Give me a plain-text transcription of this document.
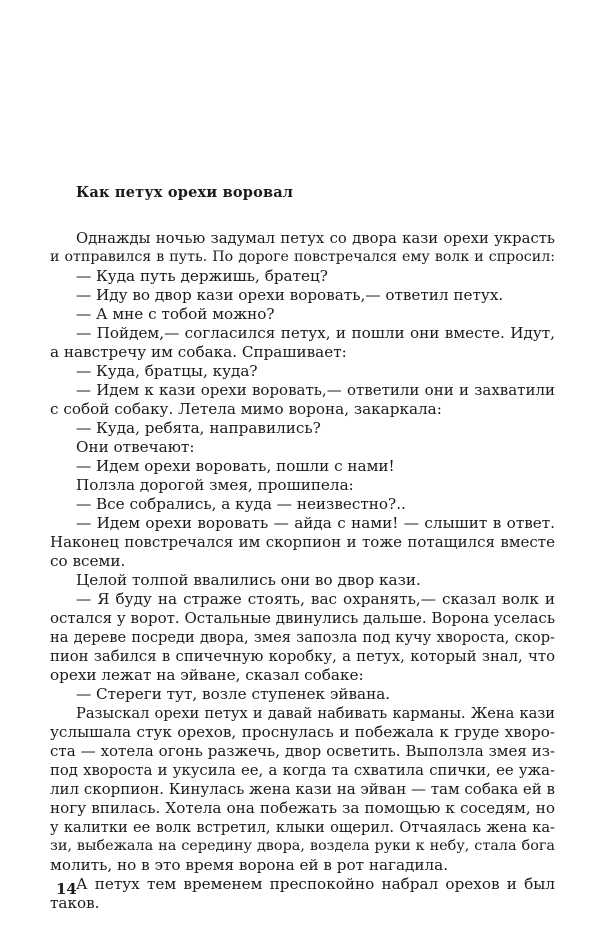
Как петух орехи воровал
Однажды ночью задумал петух со двора кази орехи украсть
и отправился в путь. По дороге повстречался ему волк и спросил:
— Куда путь держишь, братец?
— Иду во двор кази орехи воровать,— ответил петух.
— А мне с тобой можно?
— Пойдем,— согласился петух, и пошли они вместе. Идут,
а навстречу им собака. Спрашивает:
— Куда, братцы, куда?
— Идем к кази орехи воровать,— ответили они и захватили
с собой собаку. Летела мимо ворона, закаркала:
— Куда, ребята, направились?
Они отвечают:
— Идем орехи воровать, пошли с нами!
Ползла дорогой змея, прошипела:
— Все собрались, а куда — неизвестно?..
— Идем орехи воровать — айда с нами! — слышит в ответ.
Наконец повстречался им скорпион и тоже потащился вместе
со всеми.
Целой толпой ввалились они во двор кази.
— Я буду на страже стоять, вас охранять,— сказал волк и
остался у ворот. Остальные двинулись дальше. Ворона уселась
на дереве посреди двора, змея запозла под кучу хвороста, скор-
пион забился в спичечную коробку, а петух, который знал, что
орехи лежат на эйване, сказал собаке:
— Стереги тут, возле ступенек эйвана.
Разыскал орехи петух и давай набивать карманы. Жена кази
услышала стук орехов, проснулась и побежала к груде хворо-
ста — хотела огонь разжечь, двор осветить. Выползла змея из-
под хвороста и укусила ее, а когда та схватила спички, ее ужа-
лил скорпион. Кинулась жена кази на эйван — там собака ей в
ногу впилась. Хотела она побежать за помощью к соседям, но
у калитки ее волк встретил, клыки ощерил. Отчаялась жена ка-
зи, выбежала на середину двора, воздела руки к небу, стала бога
молить, но в это время ворона ей в рот нагадила.
А петух тем временем преспокойно набрал орехов и был
таков.
14
